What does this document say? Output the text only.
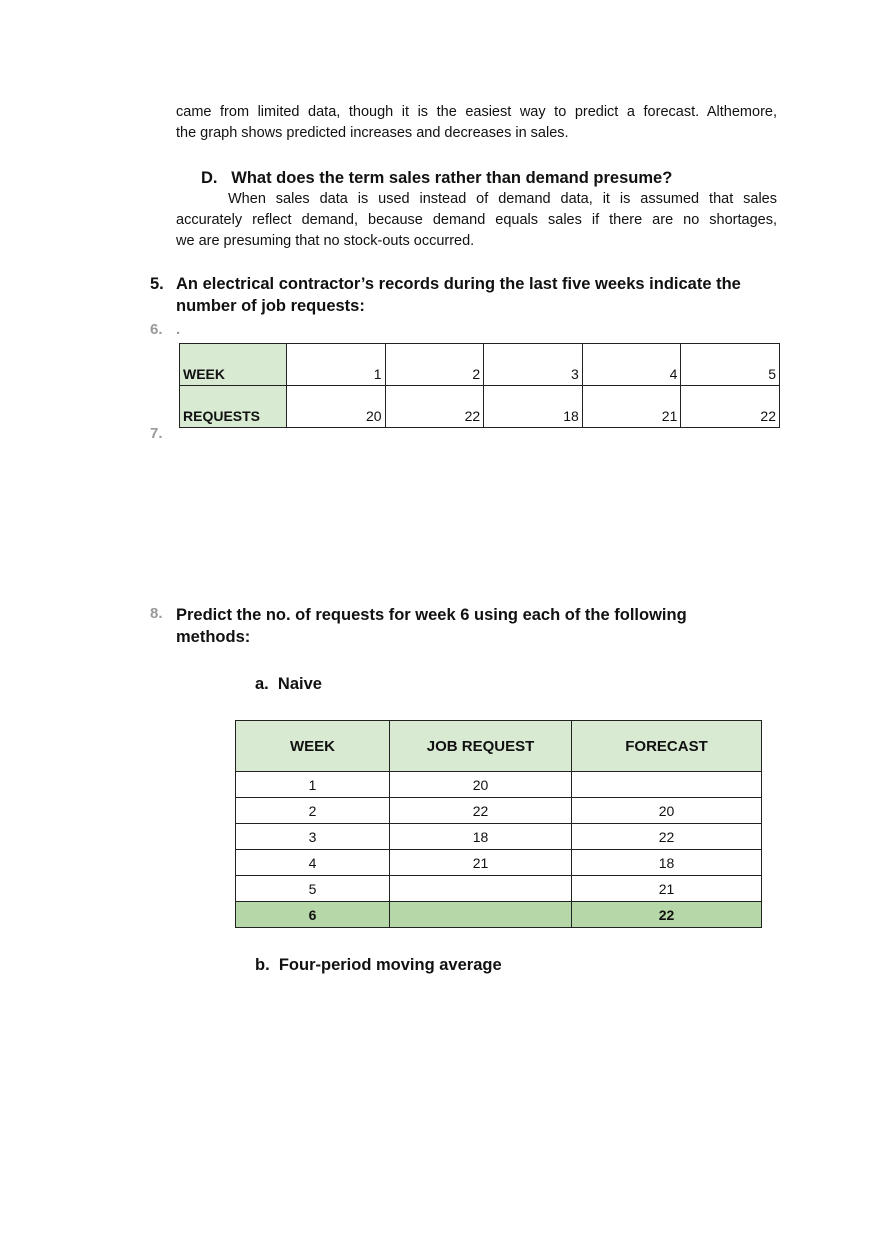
came from limited data, though it is the easiest way to predict a forecast. Althemore,
the graph shows predicted increases and decreases in sales.
D.   What does the term sales rather than demand presume?
When sales data is used instead of demand data, it is assumed that sales
accurately reflect demand, because demand equals sales if there are no shortages,
we are presuming that no stock-outs occurred.
5. An electrical contractor’s records during the last five weeks indicate the
number of job requests:
6. .
WEEK	1	2	3	4	5
REQUESTS	20	22	18	21	22
7.
8. Predict the no. of requests for week 6 using each of the following
methods:
a.  Naive
WEEK	JOB REQUEST	FORECAST
1	20	
2	22	20
3	18	22
4	21	18
5		21
6		22
b.  Four-period moving average
